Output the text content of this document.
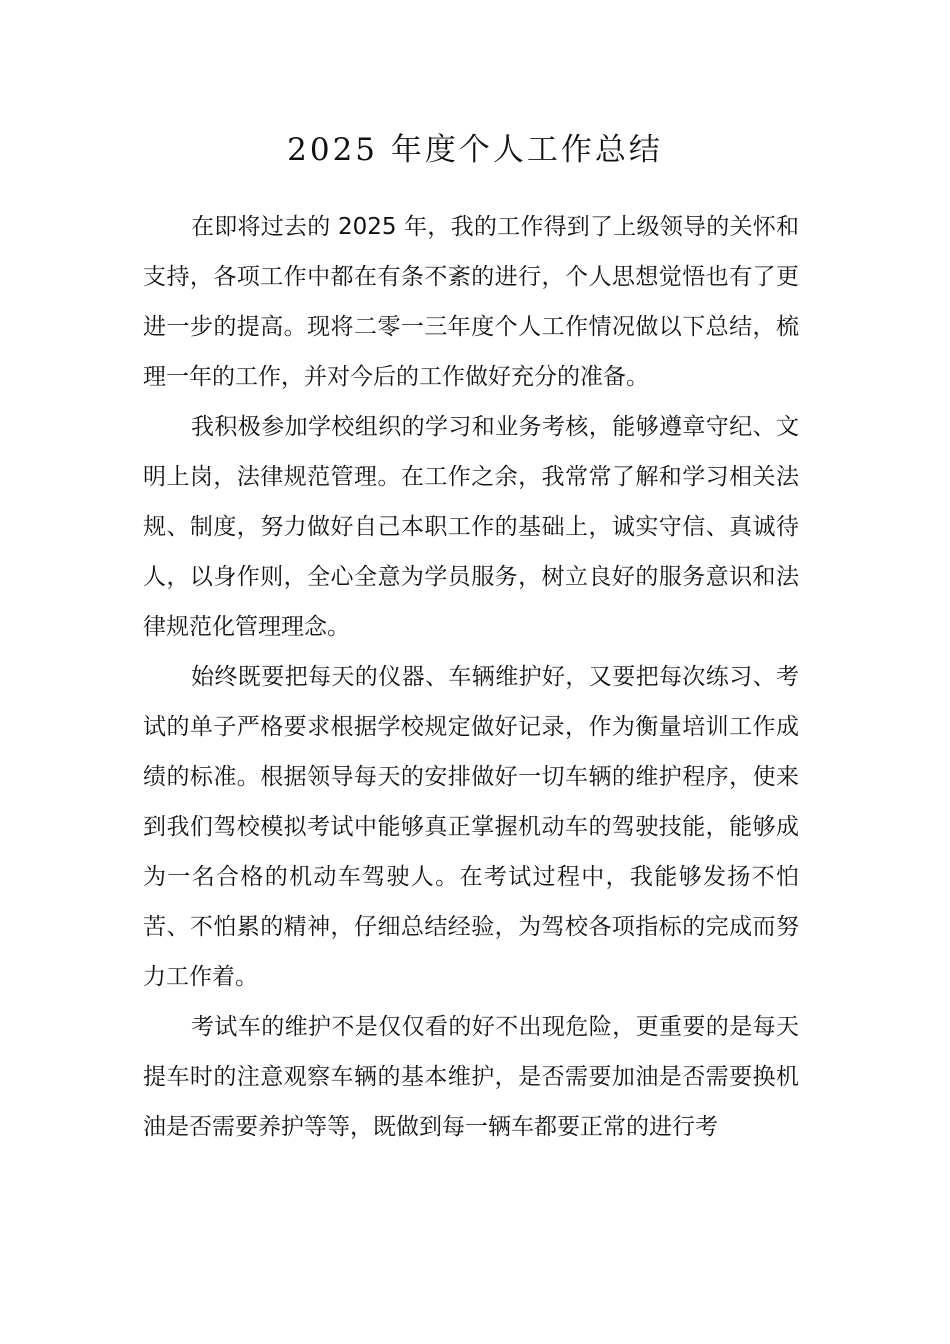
2025 年度个人工作总结

在即将过去的 2025 年，我的工作得到了上级领导的关怀和支持，各项工作中都在有条不紊的进行，个人思想觉悟也有了更进一步的提高。现将二零一三年度个人工作情况做以下总结，梳理一年的工作，并对今后的工作做好充分的准备。

我积极参加学校组织的学习和业务考核，能够遵章守纪、文明上岗，法律规范管理。在工作之余，我常常了解和学习相关法规、制度，努力做好自己本职工作的基础上，诚实守信、真诚待人，以身作则，全心全意为学员服务，树立良好的服务意识和法律规范化管理理念。

始终既要把每天的仪器、车辆维护好，又要把每次练习、考试的单子严格要求根据学校规定做好记录，作为衡量培训工作成绩的标准。根据领导每天的安排做好一切车辆的维护程序，使来到我们驾校模拟考试中能够真正掌握机动车的驾驶技能，能够成为一名合格的机动车驾驶人。在考试过程中，我能够发扬不怕苦、不怕累的精神，仔细总结经验，为驾校各项指标的完成而努力工作着。

考试车的维护不是仅仅看的好不出现危险，更重要的是每天提车时的注意观察车辆的基本维护，是否需要加油是否需要换机油是否需要养护等等，既做到每一辆车都要正常的进行考
